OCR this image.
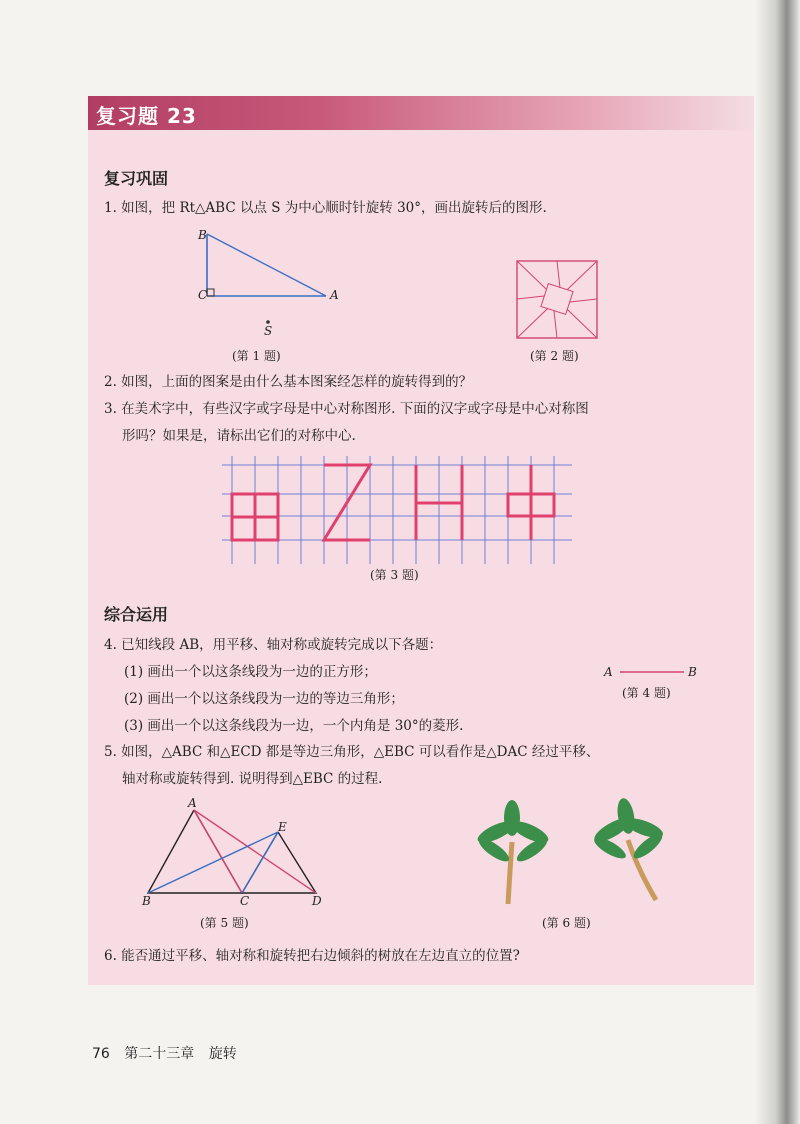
复习题 23
复习巩固
1. 如图，把 Rt△ABC 以点 S 为中心顺时针旋转 30°，画出旋转后的图形.
B
C	A
S
(第 1 题)	(第 2 题)
2. 如图，上面的图案是由什么基本图案经怎样的旋转得到的？
3. 在美术字中，有些汉字或字母是中心对称图形. 下面的汉字或字母是中心对称图
形吗？如果是，请标出它们的对称中心.
(第 3 题)
综合运用
4. 已知线段 AB，用平移、轴对称或旋转完成以下各题：
(1) 画出一个以这条线段为一边的正方形；
(2) 画出一个以这条线段为一边的等边三角形；
(3) 画出一个以这条线段为一边，一个内角是 30°的菱形.
A	B
(第 4 题)
5. 如图，△ABC 和△ECD 都是等边三角形，△EBC 可以看作是△DAC 经过平移、
轴对称或旋转得到. 说明得到△EBC 的过程.
A
E
B	C	D
(第 5 题)	(第 6 题)
6. 能否通过平移、轴对称和旋转把右边倾斜的树放在左边直立的位置?
76 第二十三章 旋转
